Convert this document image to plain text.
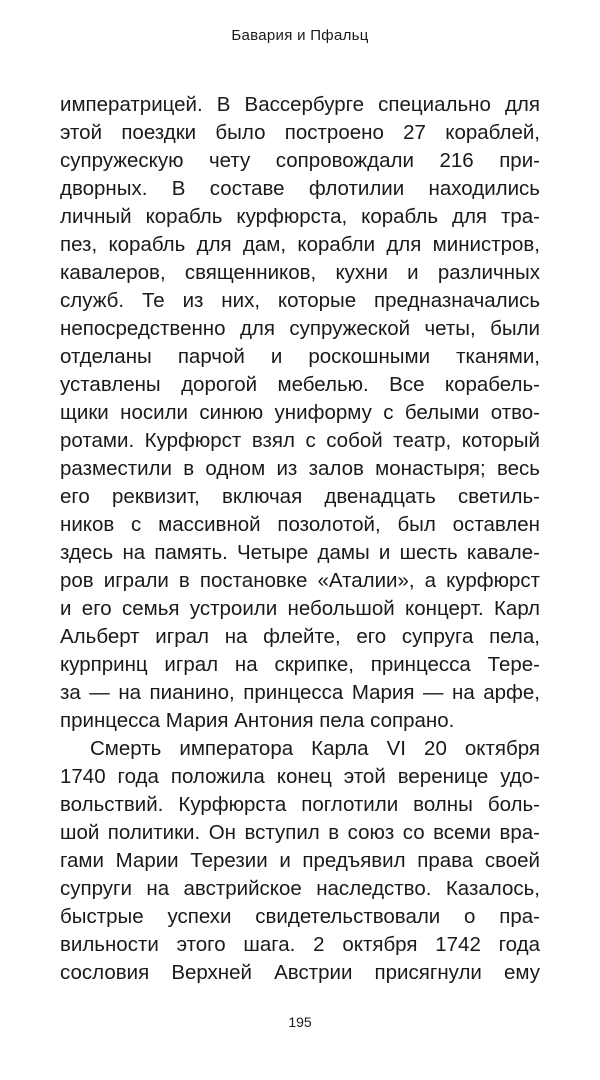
Бавария и Пфальц
императрицей. В Вассербурге специально для
этой поездки было построено 27 кораблей,
супружескую чету сопровождали 216 при-
дворных. В составе флотилии находились
личный корабль курфюрста, корабль для тра-
пез, корабль для дам, корабли для министров,
кавалеров, священников, кухни и различных
служб. Те из них, которые предназначались
непосредственно для супружеской четы, были
отделаны парчой и роскошными тканями,
уставлены дорогой мебелью. Все корабель-
щики носили синюю униформу с белыми отво-
ротами. Курфюрст взял с собой театр, который
разместили в одном из залов монастыря; весь
его реквизит, включая двенадцать светиль-
ников с массивной позолотой, был оставлен
здесь на память. Четыре дамы и шесть кавале-
ров играли в постановке «Аталии», а курфюрст
и его семья устроили небольшой концерт. Карл
Альберт играл на флейте, его супруга пела,
курпринц играл на скрипке, принцесса Тере-
за — на пианино, принцесса Мария — на арфе,
принцесса Мария Антония пела сопрано.
Смерть императора Карла VI 20 октября
1740 года положила конец этой веренице удо-
вольствий. Курфюрста поглотили волны боль-
шой политики. Он вступил в союз со всеми вра-
гами Марии Терезии и предъявил права своей
супруги на австрийское наследство. Казалось,
быстрые успехи свидетельствовали о пра-
вильности этого шага. 2 октября 1742 года
сословия Верхней Австрии присягнули ему
195
